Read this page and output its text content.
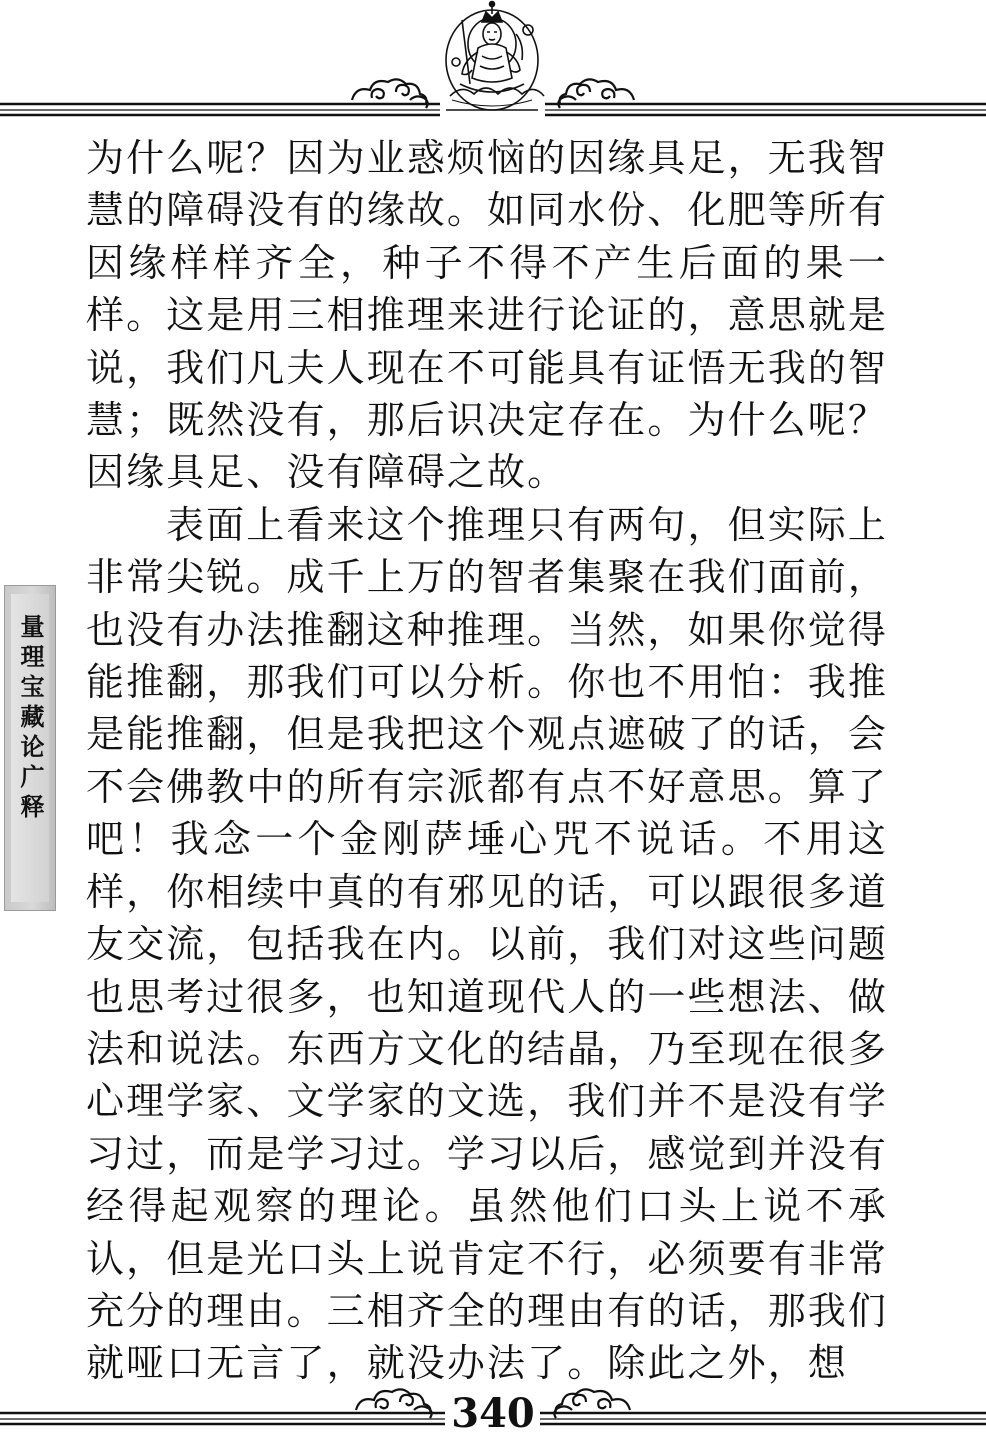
量理宝藏论广释

为什么呢？因为业惑烦恼的因缘具足，无我智慧的障碍没有的缘故。如同水份、化肥等所有因缘样样齐全，种子不得不产生后面的果一样。这是用三相推理来进行论证的，意思就是说，我们凡夫人现在不可能具有证悟无我的智慧；既然没有，那后识决定存在。为什么呢？因缘具足、没有障碍之故。

表面上看来这个推理只有两句，但实际上非常尖锐。成千上万的智者集聚在我们面前，也没有办法推翻这种推理。当然，如果你觉得能推翻，那我们可以分析。你也不用怕：我推是能推翻，但是我把这个观点遮破了的话，会不会佛教中的所有宗派都有点不好意思。算了吧！我念一个金刚萨埵心咒不说话。不用这样，你相续中真的有邪见的话，可以跟很多道友交流，包括我在内。以前，我们对这些问题也思考过很多，也知道现代人的一些想法、做法和说法。东西方文化的结晶，乃至现在很多心理学家、文学家的文选，我们并不是没有学习过，而是学习过。学习以后，感觉到并没有经得起观察的理论。虽然他们口头上说不承认，但是光口头上说肯定不行，必须要有非常充分的理由。三相齐全的理由有的话，那我们就哑口无言了，就没办法了。除此之外，想

340
